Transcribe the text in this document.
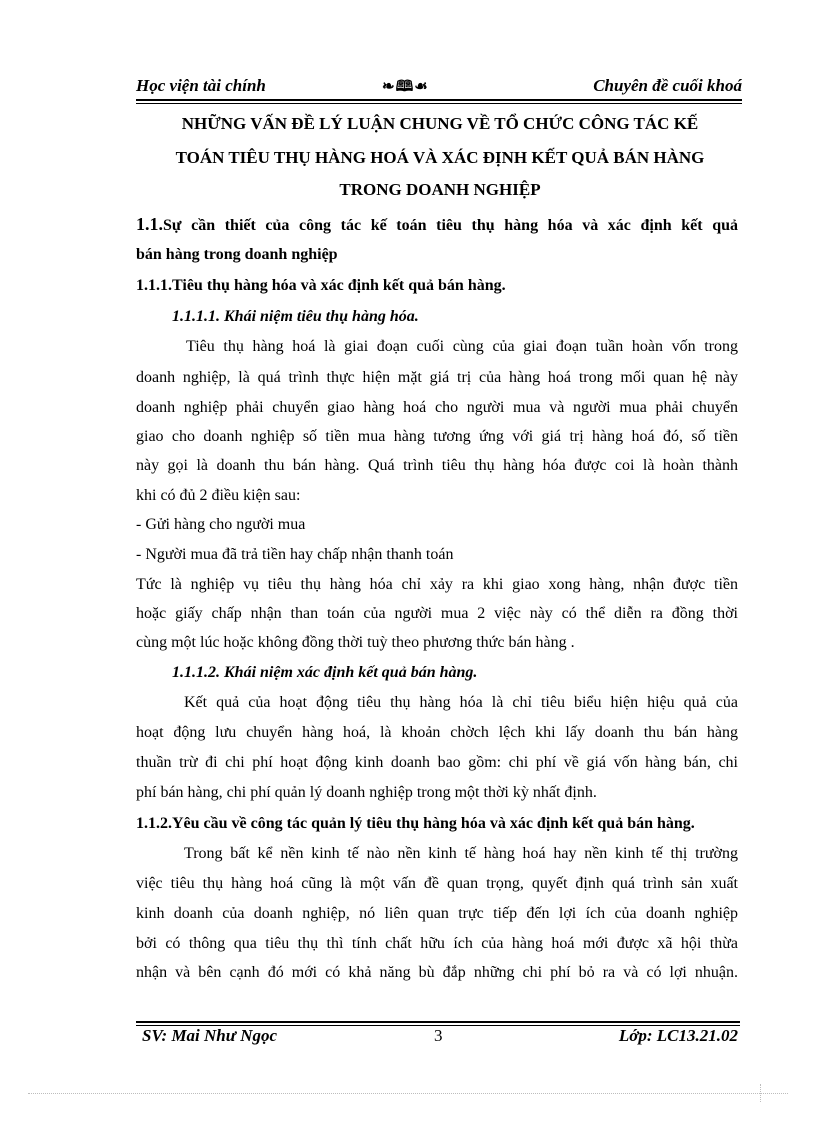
Học viện tài chính	❧🕮☙	Chuyên đề cuối khoá
NHỮNG VẤN ĐỀ LÝ LUẬN CHUNG VỀ TỔ CHỨC CÔNG TÁC KẾ
TOÁN TIÊU THỤ HÀNG HOÁ VÀ XÁC ĐỊNH KẾT QUẢ BÁN HÀNG
TRONG DOANH NGHIỆP
1.1.Sự cần thiết của công tác kế toán tiêu thụ hàng hóa và xác định kết quả
bán hàng trong doanh nghiệp
1.1.1.Tiêu thụ hàng hóa và xác định kết quả bán hàng.
1.1.1.1. Khái niệm tiêu thụ hàng hóa.
Tiêu thụ hàng hoá là giai đoạn cuối cùng của giai đoạn tuần hoàn vốn trong
doanh nghiệp, là quá trình thực hiện mặt giá trị của hàng hoá trong mối quan hệ này
doanh nghiệp phải chuyển giao hàng hoá cho người mua và người mua phải chuyển
giao cho doanh nghiệp số tiền mua hàng tương ứng với giá trị hàng hoá đó, số tiền
này gọi là doanh thu bán hàng. Quá trình tiêu thụ hàng hóa được coi là hoàn thành
khi có đủ 2 điều kiện sau:
- Gửi hàng cho người mua
- Người mua đã trả tiền hay chấp nhận thanh toán
Tức là nghiệp vụ tiêu thụ hàng hóa chỉ xảy ra khi giao xong hàng, nhận được tiền
hoặc giấy chấp nhận than toán của người mua 2 việc này có thể diễn ra đồng thời
cùng một lúc hoặc không đồng thời tuỳ theo phương thức bán hàng .
1.1.1.2. Khái niệm xác định kết quả bán hàng.
Kết quả của hoạt động tiêu thụ hàng hóa là chỉ tiêu biểu hiện hiệu quả của
hoạt động lưu chuyển hàng hoá, là khoản chờch lệch khi lấy doanh thu bán hàng
thuần trừ đi chi phí hoạt động kinh doanh bao gồm: chi phí về giá vốn hàng bán, chi
phí bán hàng, chi phí quản lý doanh nghiệp trong một thời kỳ nhất định.
1.1.2.Yêu cầu về công tác quản lý tiêu thụ hàng hóa và xác định kết quả bán hàng.
Trong bất kể nền kinh tế nào nền kinh tế hàng hoá hay nền kinh tế thị trường
việc tiêu thụ hàng hoá cũng là một vấn đề quan trọng, quyết định quá trình sản xuất
kinh doanh của doanh nghiệp, nó liên quan trực tiếp đến lợi ích của doanh nghiệp
bởi có thông qua tiêu thụ thì tính chất hữu ích của hàng hoá mới được xã hội thừa
nhận và bên cạnh đó mới có khả năng bù đắp những chi phí bỏ ra và có lợi nhuận.
SV: Mai Như Ngọc	3	Lớp: LC13.21.02
